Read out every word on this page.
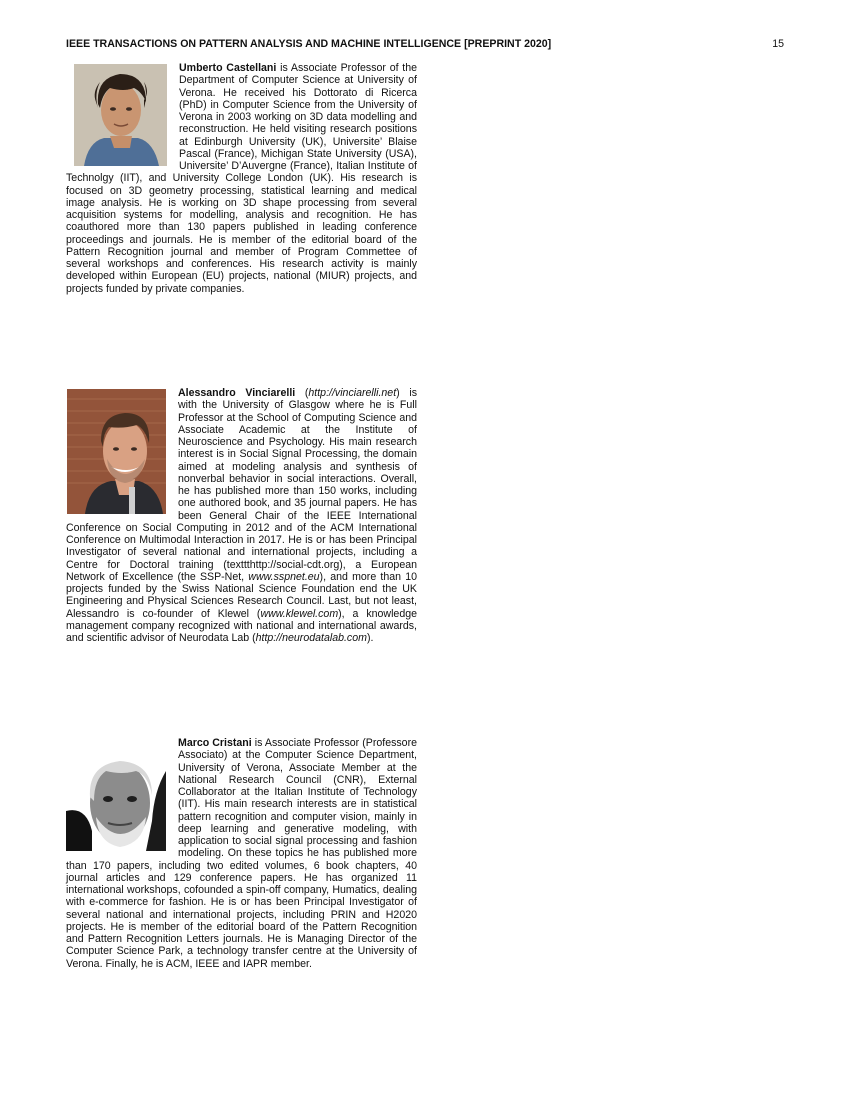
IEEE TRANSACTIONS ON PATTERN ANALYSIS AND MACHINE INTELLIGENCE [PREPRINT 2020]	15
Umberto Castellani is Associate Professor of the Department of Computer Science at University of Verona. He received his Dottorato di Ricerca (PhD) in Computer Science from the University of Verona in 2003 working on 3D data modelling and reconstruction. He held visiting research positions at Edinburgh University (UK), Universite’ Blaise Pascal (France), Michigan State University (USA), Universite’ D’Auvergne (France), Italian Institute of Technolgy (IIT), and University College London (UK). His research is focused on 3D geometry processing, statistical learning and medical image analysis. He is working on 3D shape processing from several acquisition systems for modelling, analysis and recognition. He has coauthored more than 130 papers published in leading conference proceedings and journals. He is member of the editorial board of the Pattern Recognition journal and member of Program Commettee of several workshops and conferences. His research activity is mainly developed within European (EU) projects, national (MIUR) projects, and projects funded by private companies.
Alessandro Vinciarelli (http://vinciarelli.net) is with the University of Glasgow where he is Full Professor at the School of Computing Science and Associate Academic at the Institute of Neuroscience and Psychology. His main research interest is in Social Signal Processing, the domain aimed at modeling analysis and synthesis of nonverbal behavior in social interactions. Overall, he has published more than 150 works, including one authored book, and 35 journal papers. He has been General Chair of the IEEE International Conference on Social Computing in 2012 and of the ACM International Conference on Multimodal Interaction in 2017. He is or has been Principal Investigator of several national and international projects, including a Centre for Doctoral training (texttthttp://social-cdt.org), a European Network of Excellence (the SSP-Net, www.sspnet.eu), and more than 10 projects funded by the Swiss National Science Foundation end the UK Engineering and Physical Sciences Research Council. Last, but not least, Alessandro is co-founder of Klewel (www.klewel.com), a knowledge management company recognized with national and international awards, and scientific advisor of Neurodata Lab (http://neurodatalab.com).
Marco Cristani is Associate Professor (Professore Associato) at the Computer Science Department, University of Verona, Associate Member at the National Research Council (CNR), External Collaborator at the Italian Institute of Technology (IIT). His main research interests are in statistical pattern recognition and computer vision, mainly in deep learning and generative modeling, with application to social signal processing and fashion modeling. On these topics he has published more than 170 papers, including two edited volumes, 6 book chapters, 40 journal articles and 129 conference papers. He has organized 11 international workshops, cofounded a spin-off company, Humatics, dealing with e-commerce for fashion. He is or has been Principal Investigator of several national and international projects, including PRIN and H2020 projects. He is member of the editorial board of the Pattern Recognition and Pattern Recognition Letters journals. He is Managing Director of the Computer Science Park, a technology transfer centre at the University of Verona. Finally, he is ACM, IEEE and IAPR member.
